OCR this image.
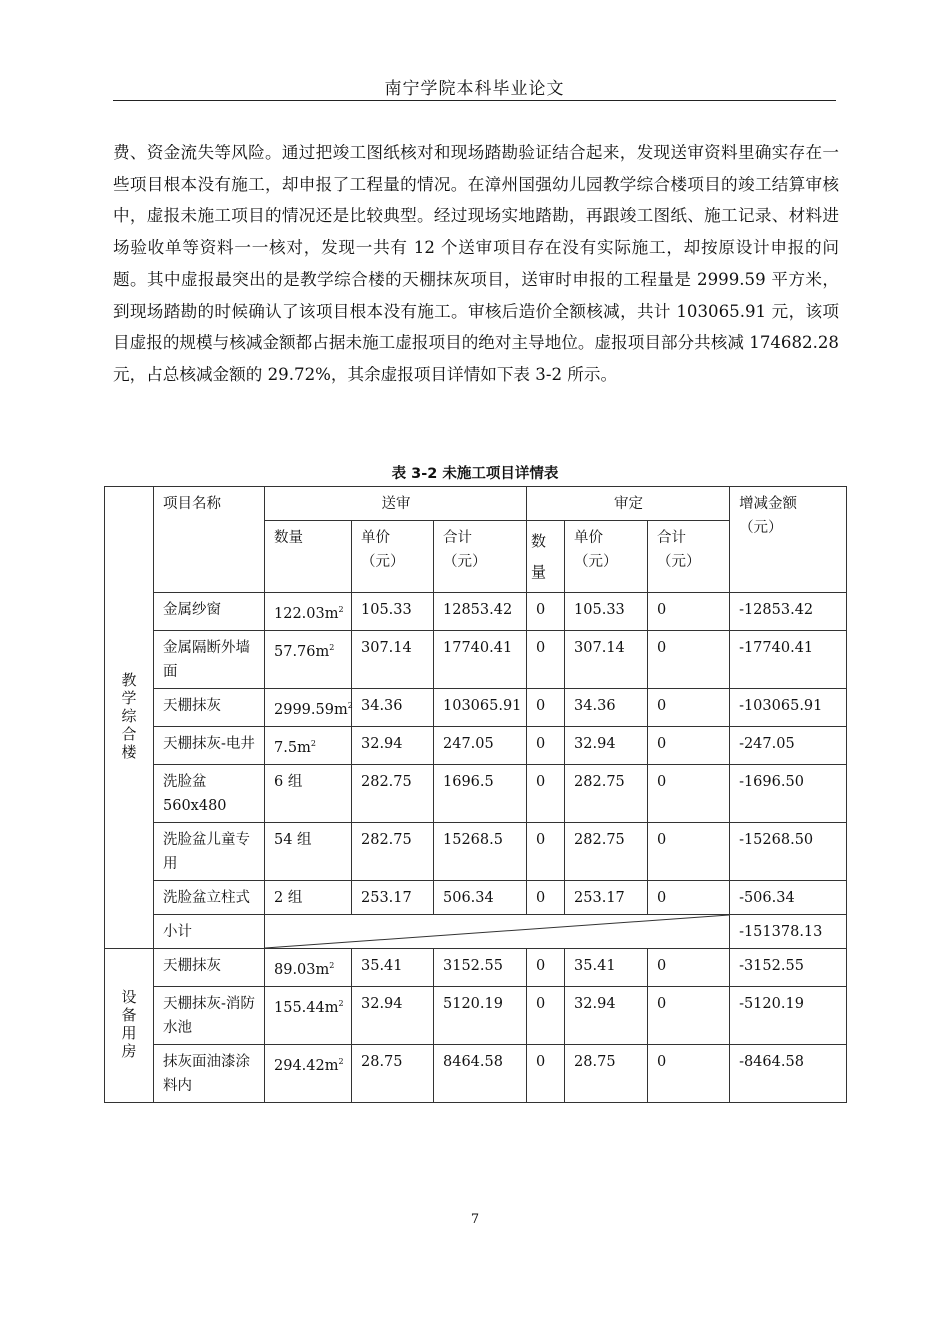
南宁学院本科毕业论文
费、资金流失等风险。通过把竣工图纸核对和现场踏勘验证结合起来，发现送审资料里确实存在一些项目根本没有施工，却申报了工程量的情况。在漳州国强幼儿园教学综合楼项目的竣工结算审核中，虚报未施工项目的情况还是比较典型。经过现场实地踏勘，再跟竣工图纸、施工记录、材料进场验收单等资料一一核对，发现一共有 12 个送审项目存在没有实际施工，却按原设计申报的问题。其中虚报最突出的是教学综合楼的天棚抹灰项目，送审时申报的工程量是 2999.59 平方米，到现场踏勘的时候确认了该项目根本没有施工。审核后造价全额核减，共计 103065.91 元，该项目虚报的规模与核减金额都占据未施工虚报项目的绝对主导地位。虚报项目部分共核减 174682.28 元，占总核减金额的 29.72%，其余虚报项目详情如下表 3-2 所示。
表 3-2 未施工项目详情表
教学综合楼	项目名称	送审			审定			增减金额
（元）
		数量	单价
（元）	合计
（元）	数量	单价
（元）	合计
（元）	
	金属纱窗	$122.03m^2$	105.33	12853.42	0	105.33	0	-12853.42
	金属隔断外墙面	$57.76m^2$	307.14	17740.41	0	307.14	0	-17740.41
	天棚抹灰	$2999.59m^2$	34.36	103065.91	0	34.36	0	-103065.91
	天棚抹灰-电井	$7.5m^2$	32.94	247.05	0	32.94	0	-247.05
	洗脸盆 560x480	6 组	282.75	1696.5	0	282.75	0	-1696.50
	洗脸盆儿童专用	54 组	282.75	15268.5	0	282.75	0	-15268.50
	洗脸盆立柱式	2 组	253.17	506.34	0	253.17	0	-506.34
	小计							-151378.13
设备用房	天棚抹灰	$89.03m^2$	35.41	3152.55	0	35.41	0	-3152.55
	天棚抹灰-消防水池	$155.44m^2$	32.94	5120.19	0	32.94	0	-5120.19
	抹灰面油漆涂料内	$294.42m^2$	28.75	8464.58	0	28.75	0	-8464.58
7
